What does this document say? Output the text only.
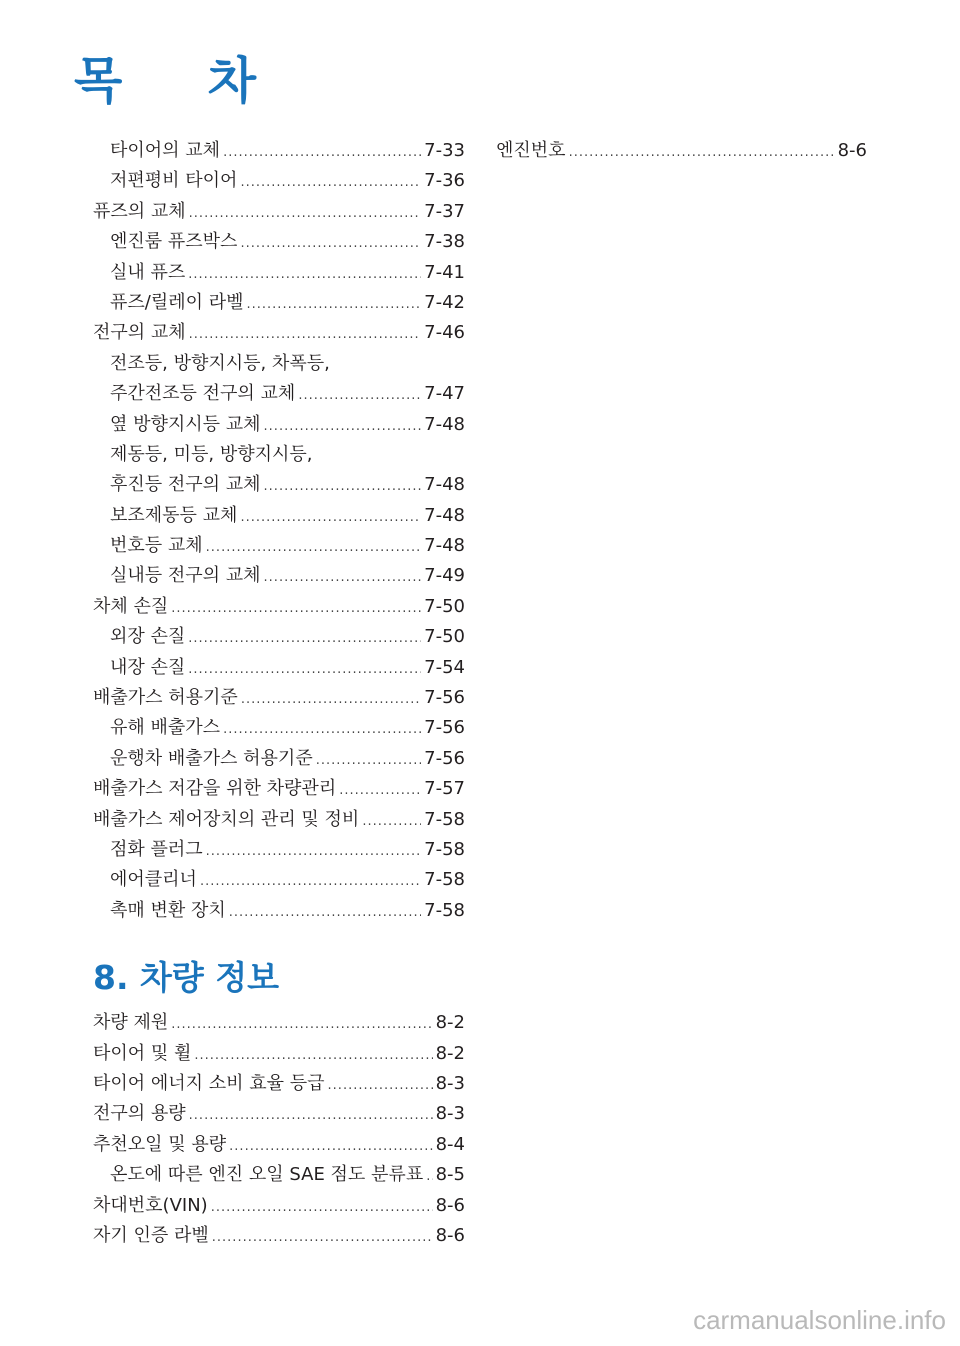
목 차
타이어의 교체 .....	7-33
저편평비 타이어 .....	7-36
퓨즈의 교체 .....	7-37
엔진룸 퓨즈박스 .....	7-38
실내 퓨즈 .....	7-41
퓨즈/릴레이 라벨 .....	7-42
전구의 교체 .....	7-46
전조등, 방향지시등, 차폭등,
주간전조등 전구의 교체 .....	7-47
옆 방향지시등 교체 .....	7-48
제동등, 미등, 방향지시등,
후진등 전구의 교체 .....	7-48
보조제동등 교체 .....	7-48
번호등 교체 .....	7-48
실내등 전구의 교체 .....	7-49
차체 손질 .....	7-50
외장 손질 .....	7-50
내장 손질 .....	7-54
배출가스 허용기준 .....	7-56
유해 배출가스 .....	7-56
운행차 배출가스 허용기준 .....	7-56
배출가스 저감을 위한 차량관리 .....	7-57
배출가스 제어장치의 관리 및 정비 .....	7-58
점화 플러그 .....	7-58
에어클리너 .....	7-58
촉매 변환 장치 .....	7-58
8. 차량 정보
차량 제원 .....	8-2
타이어 및 휠 .....	8-2
타이어 에너지 소비 효율 등급 .....	8-3
전구의 용량 .....	8-3
추천오일 및 용량 .....	8-4
온도에 따른 엔진 오일 SAE 점도 분류표 ..... 8-5
차대번호(VIN) .....	8-6
자기 인증 라벨 .....	8-6
엔진번호 .....	8-6
carmanualsonline.info
